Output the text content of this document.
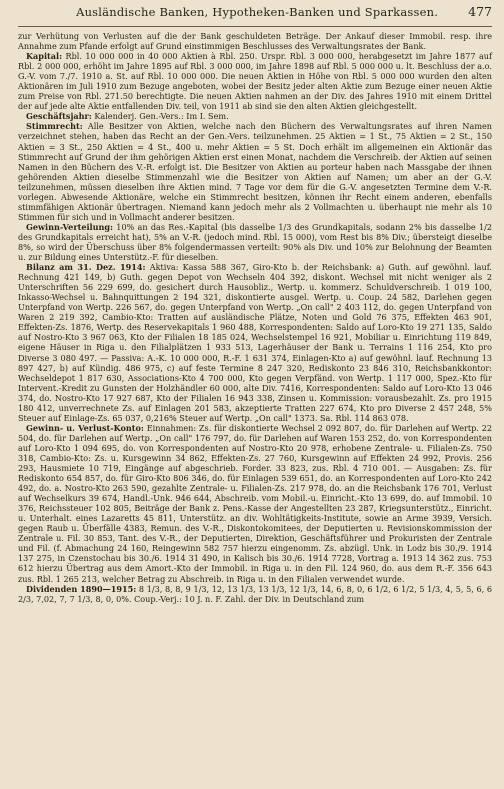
Ausländische Banken, Hypotheken-Banken und Sparkassen.	477

zur Verhütung von Verlusten auf die der Bank geschuldeten Beträge. Der Ankauf dieser Immobil. resp. ihre Annahme zum Pfande erfolgt auf Grund einstimmigen Beschlusses des Verwaltungsrates der Bank.

Kapital: Rbl. 10 000 000 in 40 000 Aktien à Rbl. 250. Urspr. Rbl. 3 000 000, herabgesetzt im Jahre 1877 auf Rbl. 2 000 000, erhöht im Jahre 1895 auf Rbl. 3 000 000, im Jahre 1898 auf Rbl. 5 000 000 u. lt. Beschluss der a.o. G.-V. vom 7./7. 1910 a. St. auf Rbl. 10 000 000. Die neuen Aktien in Höhe von Rbl. 5 000 000 wurden den alten Aktionären im Juli 1910 zum Bezuge angeboten, wobei der Besitz jeder alten Aktie zum Bezuge einer neuen Aktie zum Preise von Rbl. 271.50 berechtigte. Die neuen Aktien nahmen an der Div. des Jahres 1910 mit einem Drittel der auf jede alte Aktie entfallenden Div. teil, von 1911 ab sind sie den alten Aktien gleichgestellt.

Geschäftsjahr: Kalenderj. Gen.-Vers.: Im I. Sem.

Stimmrecht: Alle Besitzer von Aktien, welche nach den Büchern des Verwaltungsrates auf ihren Namen verzeichnet stehen, haben das Recht an der Gen.-Vers. teilzunehmen. 25 Aktien = 1 St., 75 Aktien = 2 St., 150 Aktien = 3 St., 250 Aktien = 4 St., 400 u. mehr Aktien = 5 St. Doch erhält im allgemeinen ein Aktionär das Stimmrecht auf Grund der ihm gehörigen Aktien erst einen Monat, nachdem die Verschreib. der Aktien auf seinen Namen in den Büchern des V.-R. erfolgt ist. Die Besitzer von Aktien au porteur haben nach Massgabe der ihnen gehörenden Aktien dieselbe Stimmenzahl wie die Besitzer von Aktien auf Namen; um aber an der G.-V. teilzunehmen, müssen dieselben ihre Aktien mind. 7 Tage vor dem für die G.-V. angesetzten Termine dem V.-R. vorlegen. Abwesende Aktionäre, welche ein Stimmrecht besitzen, können ihr Recht einem anderen, ebenfalls stimmfähigen Aktionär übertragen. Niemand kann jedoch mehr als 2 Vollmachten u. überhaupt nie mehr als 10 Stimmen für sich und in Vollmacht anderer besitzen.

Gewinn-Verteilung: 10% an das Res.-Kapital (bis dasselbe 1/3 des Grundkapitals, sodann 2% bis dasselbe 1/2 des Grundkapitals erreicht hat), 5% an V.-R. (jedoch mind. Rbl. 15 000), vom Rest bis 8% Div.; übersteigt dieselbe 8%, so wird der Überschuss über 8% folgendermassen verteilt: 90% als Div. und 10% zur Belohnung der Beamten u. zur Bildung eines Unterstütz.-F. für dieselben.

Bilanz am 31. Dez. 1914: Aktiva: Kassa 588 367, Giro-Kto b. der Reichsbank: a) Guth. auf gewöhnl. lauf. Rechnung 421 149, b) Guth. gegen Depot von Wechseln 404 392, diskont. Wechsel mit nicht weniger als 2 Unterschriften 56 229 699, do. gesichert durch Hausobliz., Wertp. u. kommerz. Schuldverschreib. 1 019 100, Inkasso-Wechsel u. Bahnquittungen 2 194 321, diskontierte ausgel. Wertp. u. Coup. 24 582, Darlehen gegen Unterpfand von Wertp. 226 567, do. gegen Unterpfand von Wertp. „On call" 2 403 112, do. gegen Unterpfand von Waren 2 219 392, Cambio-Kto: Tratten auf ausländische Plätze, Noten und Gold 76 375, Effekten 463 901, Effekten-Zs. 1876, Wertp. des Reservekapitals 1 960 488, Korrespondenten: Saldo auf Loro-Kto 19 271 135, Saldo auf Nostro-Kto 3 967 063, Kto der Filialen 18 185 024, Wechselstempel 16 921, Mobiliar u. Einrichtung 119 849, eigene Häuser in Riga u. den Filialplätzen 1 933 513, Lagerhäuser der Bank u. Terrains 1 116 254, Kto pro Diverse 3 080 497. — Passiva: A.-K. 10 000 000, R.-F. 1 631 374, Einlagen-Kto a) auf gewöhnl. lauf. Rechnung 13 897 427, b) auf Kündig. 486 975, c) auf feste Termine 8 247 320, Rediskonto 23 846 310, Reichsbankkontor: Wechseldepot 1 817 630, Associations-Kto 4 700 000, Kto gegen Verpfänd. von Wertp. 1 117 000, Spez.-Kto für Intervent.-Kredit zu Gunsten der Holzhändler 60 000, alte Div. 7416, Korrespondenten: Saldo auf Loro-Kto 13 046 374, do. Nostro-Kto 17 927 687, Kto der Filialen 16 943 338, Zinsen u. Kommission: vorausbezahlt. Zs. pro 1915 180 412, unverrechnete Zs. auf Einlagen 201 583, akzeptierte Tratten 227 674, Kto pro Diverse 2 457 248, 5% Steuer auf Einlage-Zs. 65 037, 0,216% Steuer auf Wertp. „On call" 1373. Sa. Rbl. 114 863 078.

Gewinn- u. Verlust-Konto: Einnahmen: Zs. für diskontierte Wechsel 2 092 807, do. für Darlehen auf Wertp. 22 504, do. für Darlehen auf Wertp. „On call" 176 797, do. für Darlehen auf Waren 153 252, do. von Korrespondenten auf Loro-Kto 1 094 695, do. von Korrespondenten auf Nostro-Kto 20 978, erhobene Zentrale- u. Filialen-Zs. 750 318, Cambio-Kto: Zs. u. Kursgewinn 34 862, Effekten-Zs. 27 760, Kursgewinn auf Effekten 24 992, Provis. 256 293, Hausmiete 10 719, Eingänge auf abgeschrieb. Forder. 33 823, zus. Rbl. 4 710 001. — Ausgaben: Zs. für Rediskonto 654 857, do. für Giro-Kto 806 346, do. für Einlagen 539 651, do. an Korrespondenten auf Loro-Kto 242 492, do. a. Nostro-Kto 263 590, gezahlte Zentrale- u. Filialen-Zs. 217 978, do. an die Reichsbank 176 701, Verlust auf Wechselkurs 39 674, Handl.-Unk. 946 644, Abschreib. vom Mobil.-u. Einricht.-Kto 13 699, do. auf Immobil. 10 376, Reichssteuer 102 805, Beiträge der Bank z. Pens.-Kasse der Angestellten 23 287, Kriegsunterstütz., Einricht. u. Unterhalt. eines Lazaretts 45 811, Unterstütz. an div. Wohltätigkeits-Institute, sowie an Arme 3939, Versich. gegen Raub u. Überfälle 4383, Remun. des V.-R., Diskontokomitees, der Deputierten u. Revisionskommission der Zentrale u. Fil. 30 853, Tant. des V.-R., der Deputierten, Direktion, Geschäftsführer und Prokuristen der Zentrale und Fil. (f. Abmachung 24 160, Reingewinn 582 757 hierzu eingenomm. Zs. abzügl. Unk. in Lodz bis 30./9. 1914 137 275, in Czenstochau bis 30./6. 1914 31 490, in Kalisch bis 30./6. 1914 7728, Vortrag a. 1913 14 362 zus. 753 612 hierzu Übertrag aus dem Amort.-Kto der Immobil. in Riga u. in den Fil. 124 960, do. aus dem R.-F. 356 643 zus. Rbl. 1 265 213, welcher Betrag zu Abschreib. in Riga u. in den Filialen verwendet wurde.

Dividenden 1890—1915: 8 1/3, 8, 8, 9 1/3, 12, 13 1/3, 13 1/3, 12 1/3, 14, 6, 8, 0, 6 1/2, 6 1/2, 5 1/3, 4, 5, 5, 6, 6 2/3, 7,02, 7, 7 1/3, 8, 0, 0%. Coup.-Verj.: 10 J. n. F. Zahl. der Div. in Deutschland zum
